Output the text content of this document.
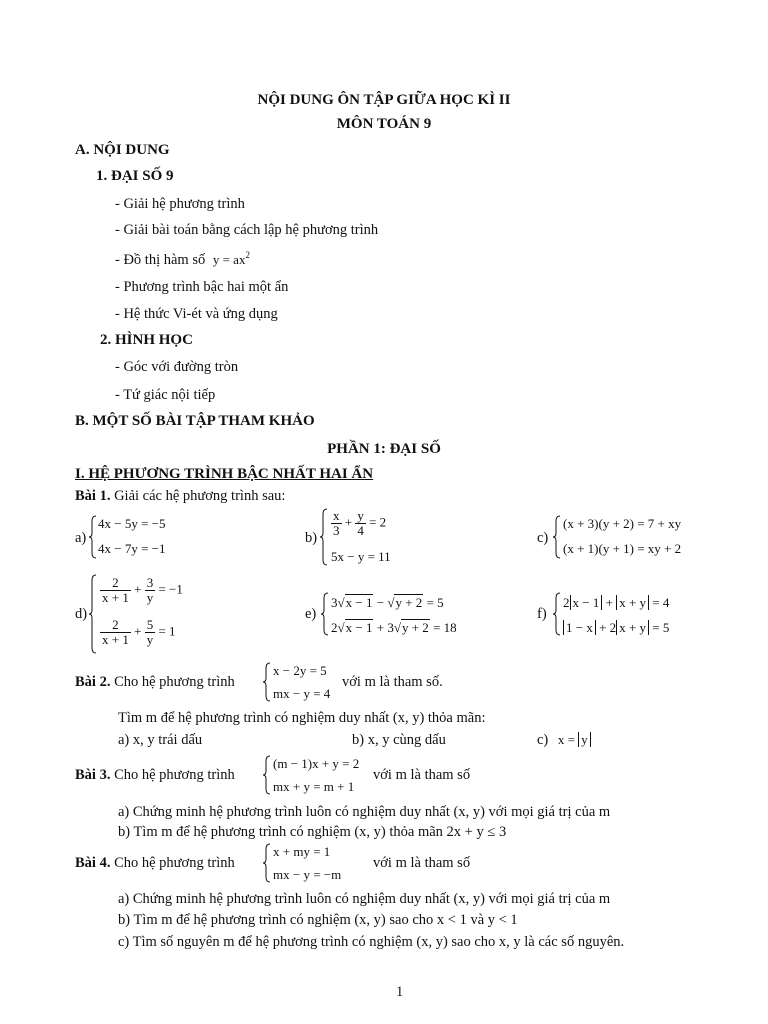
NỘI DUNG ÔN TẬP GIỮA HỌC KÌ II
MÔN TOÁN 9
A. NỘI DUNG
1. ĐẠI SỐ 9
- Giải hệ phương trình
- Giải bài toán bằng cách lập hệ phương trình
- Đồ thị hàm số $y = ax^2$
- Phương trình bậc hai một ẩn
- Hệ thức Vi-ét và ứng dụng
2. HÌNH HỌC
- Góc với đường tròn
- Tứ giác nội tiếp
B. MỘT SỐ BÀI TẬP THAM KHẢO
PHẦN 1: ĐẠI SỐ
I. HỆ PHƯƠNG TRÌNH BẬC NHẤT HAI ẨN
Bài 1. Giải các hệ phương trình sau:
a)
4x − 5y = −5
4x − 7y = −1
$b) \frac{x}{3} + \frac{y}{4} = 2$
5x − y = 11
c)
(x + 3)(y + 2) = 7 + xy
(x + 1)(y + 1) = xy + 2
d)
$\frac{2}{x + 1} + \frac{3}{y} = -1$
$\frac{2}{x + 1} + \frac{5}{y} = 1$
e)
3√x − 1 − √y + 2 = 5
2√x − 1 + 3√y + 2 = 18
f)
2 x − 1 + x + y = 4
1 − x + 2 x + y = 5
Bài 2. Cho hệ phương trình
x − 2y = 5
mx − y = 4
với m là tham số.
Tìm m để hệ phương trình có nghiệm duy nhất (x, y) thỏa mãn:
a) x, y trái dấu	b) x, y cùng dấu	c) x = y
Bài 3. Cho hệ phương trình
(m − 1)x + y = 2
mx + y = m + 1
với m là tham số
a) Chứng minh hệ phương trình luôn có nghiệm duy nhất (x, y) với mọi giá trị của m
b) Tìm m để hệ phương trình có nghiệm (x, y) thỏa mãn 2x + y ≤ 3
Bài 4. Cho hệ phương trình
x + my = 1
mx − y = −m
với m là tham số
a) Chứng minh hệ phương trình luôn có nghiệm duy nhất (x, y) với mọi giá trị của m
b) Tìm m để hệ phương trình có nghiệm (x, y) sao cho x < 1 và y < 1
c) Tìm số nguyên m để hệ phương trình có nghiệm (x, y) sao cho x, y là các số nguyên.
1
